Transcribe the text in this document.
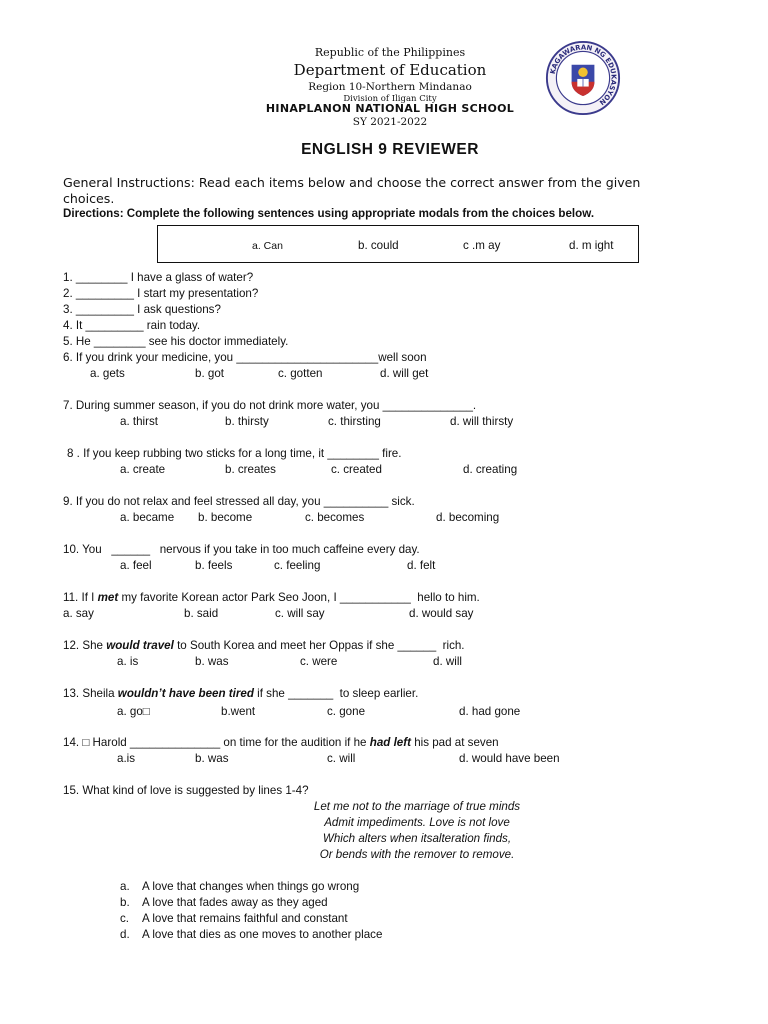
Republic of the Philippines
Department of Education
Region 10-Northern Mindanao
Division of Iligan City
HINAPLANON NATIONAL HIGH SCHOOL
SY 2021-2022
KAGAWARAN NG EDUKASYON
ENGLISH 9 REVIEWER
General Instructions: Read each items below and choose the correct answer from the given
choices.
Directions: Complete the following sentences using appropriate modals from the choices below.
a. Can	b. could	c .m ay	d. m ight
1. ________ I have a glass of water?
2. _________ I start my presentation?
3. _________ I ask questions?
4. It _________ rain today.
5. He ________ see his doctor immediately.
6. If you drink your medicine, you ______________________well soon
a. gets	b. got	c. gotten	d. will get
7. During summer season, if you do not drink more water, you ______________.
a. thirst	b. thirsty	c. thirsting	d. will thirsty
8 . If you keep rubbing two sticks for a long time, it ________ fire.
a. create	b. creates	c. created	d. creating
9. If you do not relax and feel stressed all day, you __________ sick.
a. became b. become	c. becomes	d. becoming
10. You   ______   nervous if you take in too much caffeine every day.
a. feel	b. feels	c. feeling	d. felt
11. If I met my favorite Korean actor Park Seo Joon, I ___________  hello to him.
a. say	b. said	c. will say	d. would say
12. She would travel to South Korea and meet her Oppas if she ______  rich.
a. is	b. was	c. were	d. will
13. Sheila wouldn’t have been tired if she _______  to sleep earlier.
a. go□	b.went	c. gone	d. had gone
14. □ Harold ______________ on time for the audition if he had left his pad at seven
a.is	b. was	c. will	d. would have been
15. What kind of love is suggested by lines 1-4?
Let me not to the marriage of true minds
Admit impediments. Love is not love
Which alters when itsalteration finds,
Or bends with the remover to remove.
a. A love that changes when things go wrong
b. A love that fades away as they aged
c. A love that remains faithful and constant
d. A love that dies as one moves to another place
